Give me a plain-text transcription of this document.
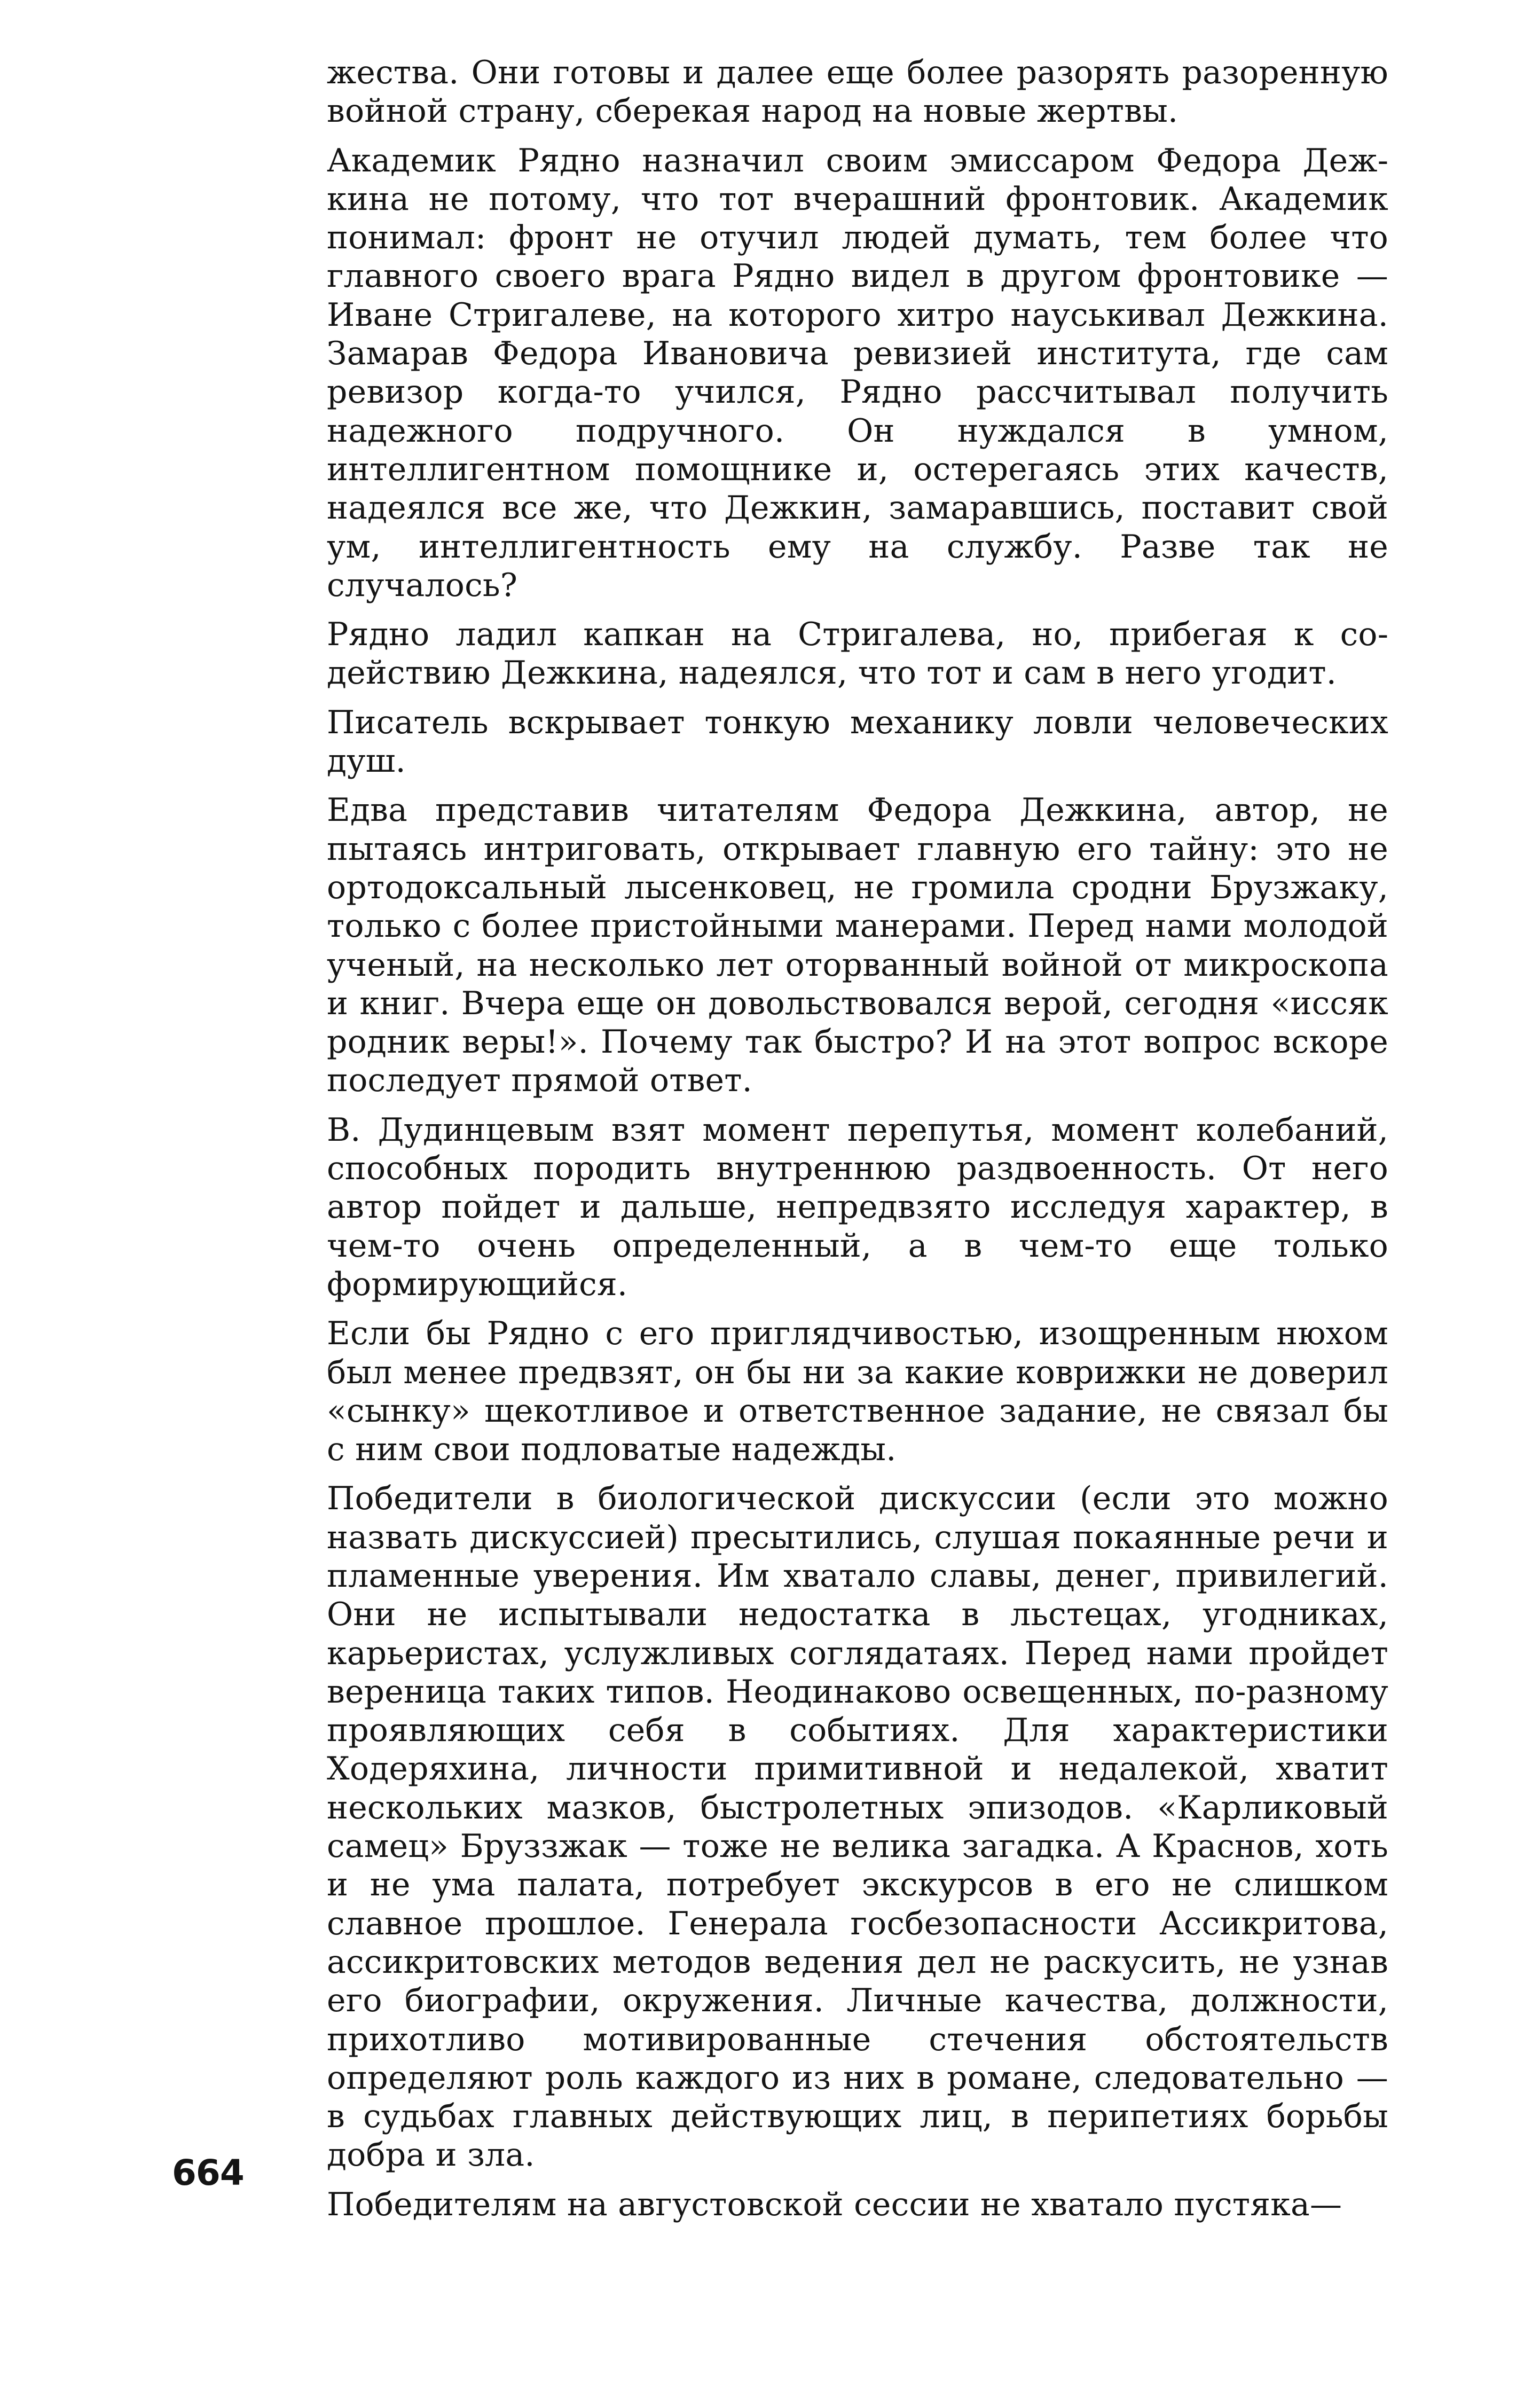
жества. Они готовы и далее еще более разорять разоренную войной страну, сберекая народ на новые жертвы.

Академик Рядно назначил своим эмиссаром Федора Дежкина не потому, что тот вчерашний фронтовик. Академик понимал: фронт не отучил людей думать, тем более что главного своего врага Рядно видел в другом фронтовике — Иване Стригалеве, на которого хитро науськивал Дежкина. Замарав Федора Ивановича ревизией института, где сам ревизор когда-то учился, Рядно рассчитывал получить надежного подручного. Он нуждался в умном, интеллигентном помощнике и, остерегаясь этих качеств, надеялся все же, что Дежкин, замаравшись, поставит свой ум, интеллигентность ему на службу. Разве так не случалось?

Рядно ладил капкан на Стригалева, но, прибегая к содействию Дежкина, надеялся, что тот и сам в него угодит.

Писатель вскрывает тонкую механику ловли человеческих душ.

Едва представив читателям Федора Дежкина, автор, не пытаясь интриговать, открывает главную его тайну: это не ортодоксальный лысенковец, не громила сродни Брузжаку, только с более пристойными манерами. Перед нами молодой ученый, на несколько лет оторванный войной от микроскопа и книг. Вчера еще он довольствовался верой, сегодня «иссяк родник веры!». Почему так быстро? И на этот вопрос вскоре последует прямой ответ.

В. Дудинцевым взят момент перепутья, момент колебаний, способных породить внутреннюю раздвоенность. От него автор пойдет и дальше, непредвзято исследуя характер, в чем-то очень определенный, а в чем-то еще только формирующийся.

Если бы Рядно с его приглядчивостью, изощренным нюхом был менее предвзят, он бы ни за какие коврижки не доверил «сынку» щекотливое и ответственное задание, не связал бы с ним свои подловатые надежды.

Победители в биологической дискуссии (если это можно назвать дискуссией) пресытились, слушая покаянные речи и пламенные уверения. Им хватало славы, денег, привилегий. Они не испытывали недостатка в льстецах, угодниках, карьеристах, услужливых соглядатаях. Перед нами пройдет вереница таких типов. Неодинаково освещенных, по-разному проявляющих себя в событиях. Для характеристики Ходеряхина, личности примитивной и недалекой, хватит нескольких мазков, быстролетных эпизодов. «Карликовый самец» Бруззжак — тоже не велика загадка. А Краснов, хоть и не ума палата, потребует экскурсов в его не слишком славное прошлое. Генерала госбезопасности Ассикритова, ассикритовских методов ведения дел не раскусить, не узнав его биографии, окружения. Личные качества, должности, прихотливо мотивированные стечения обстоятельств определяют роль каждого из них в романе, следовательно — в судьбах главных действующих лиц, в перипетиях борьбы добра и зла.

Победителям на августовской сессии не хватало пустяка—

664
